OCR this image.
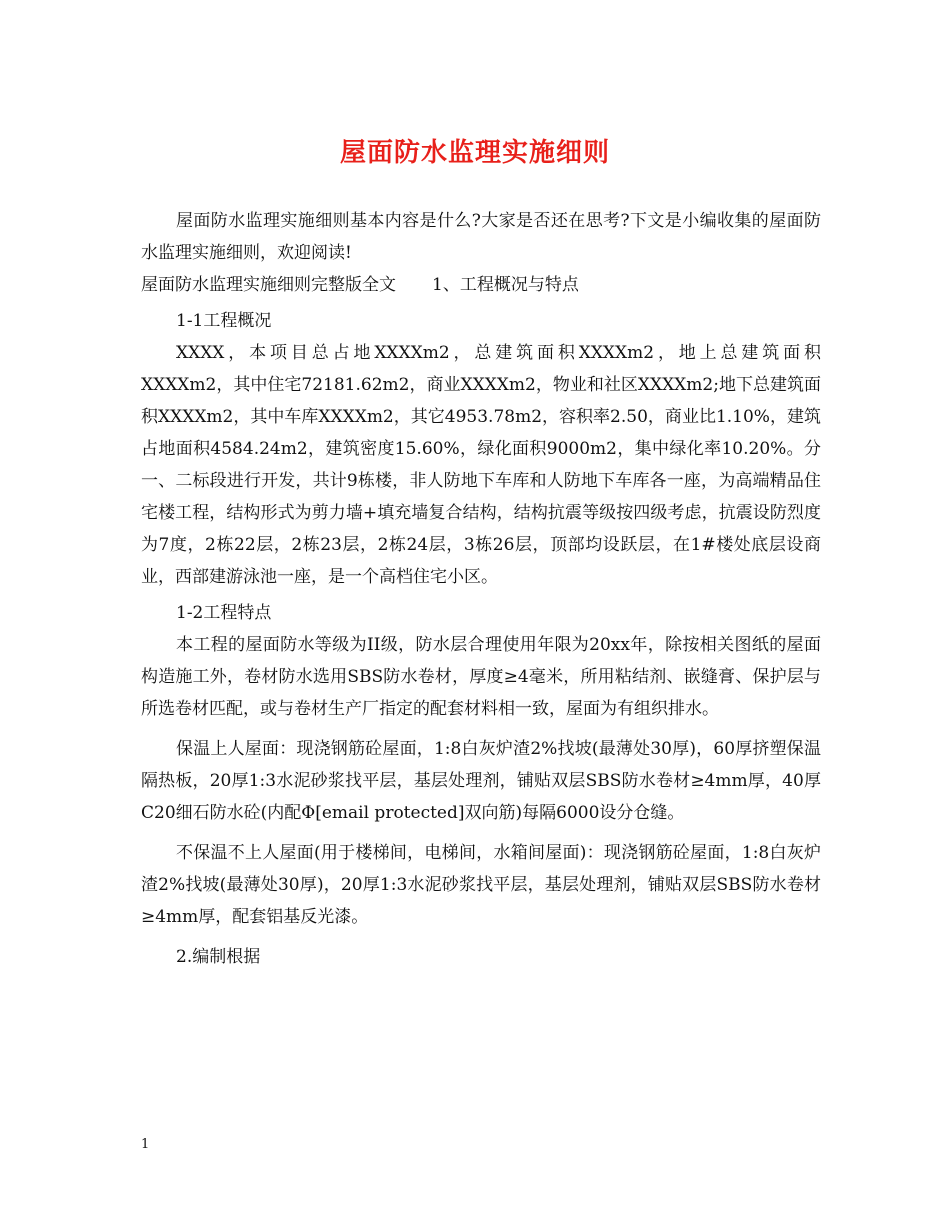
屋面防水监理实施细则

屋面防水监理实施细则基本内容是什么?大家是否还在思考?下文是小编收集的屋面防水监理实施细则，欢迎阅读!

屋面防水监理实施细则完整版全文 1、工程概况与特点

1-1工程概况

XXXX，本项目总占地XXXXm2，总建筑面积XXXXm2，地上总建筑面积XXXXm2，其中住宅72181.62m2，商业XXXXm2，物业和社区XXXXm2;地下总建筑面积XXXXm2，其中车库XXXXm2，其它4953.78m2，容积率2.50，商业比1.10%，建筑占地面积4584.24m2，建筑密度15.60%，绿化面积9000m2，集中绿化率10.20%。分一、二标段进行开发，共计9栋楼，非人防地下车库和人防地下车库各一座，为高端精品住宅楼工程，结构形式为剪力墙+填充墙复合结构，结构抗震等级按四级考虑，抗震设防烈度为7度，2栋22层，2栋23层，2栋24层，3栋26层，顶部均设跃层，在1#楼处底层设商业，西部建游泳池一座，是一个高档住宅小区。

1-2工程特点

本工程的屋面防水等级为II级，防水层合理使用年限为20xx年，除按相关图纸的屋面构造施工外，卷材防水选用SBS防水卷材，厚度≥4毫米，所用粘结剂、嵌缝膏、保护层与所选卷材匹配，或与卷材生产厂指定的配套材料相一致，屋面为有组织排水。

保温上人屋面：现浇钢筋砼屋面，1:8白灰炉渣2%找坡(最薄处30厚)，60厚挤塑保温隔热板，20厚1:3水泥砂浆找平层，基层处理剂，铺贴双层SBS防水卷材≥4mm厚，40厚C20细石防水砼(内配Φ[email protected]双向筋)每隔6000设分仓缝。

不保温不上人屋面(用于楼梯间，电梯间，水箱间屋面)：现浇钢筋砼屋面，1:8白灰炉渣2%找坡(最薄处30厚)，20厚1:3水泥砂浆找平层，基层处理剂，铺贴双层SBS防水卷材≥4mm厚，配套铝基反光漆。

2.编制根据

1
